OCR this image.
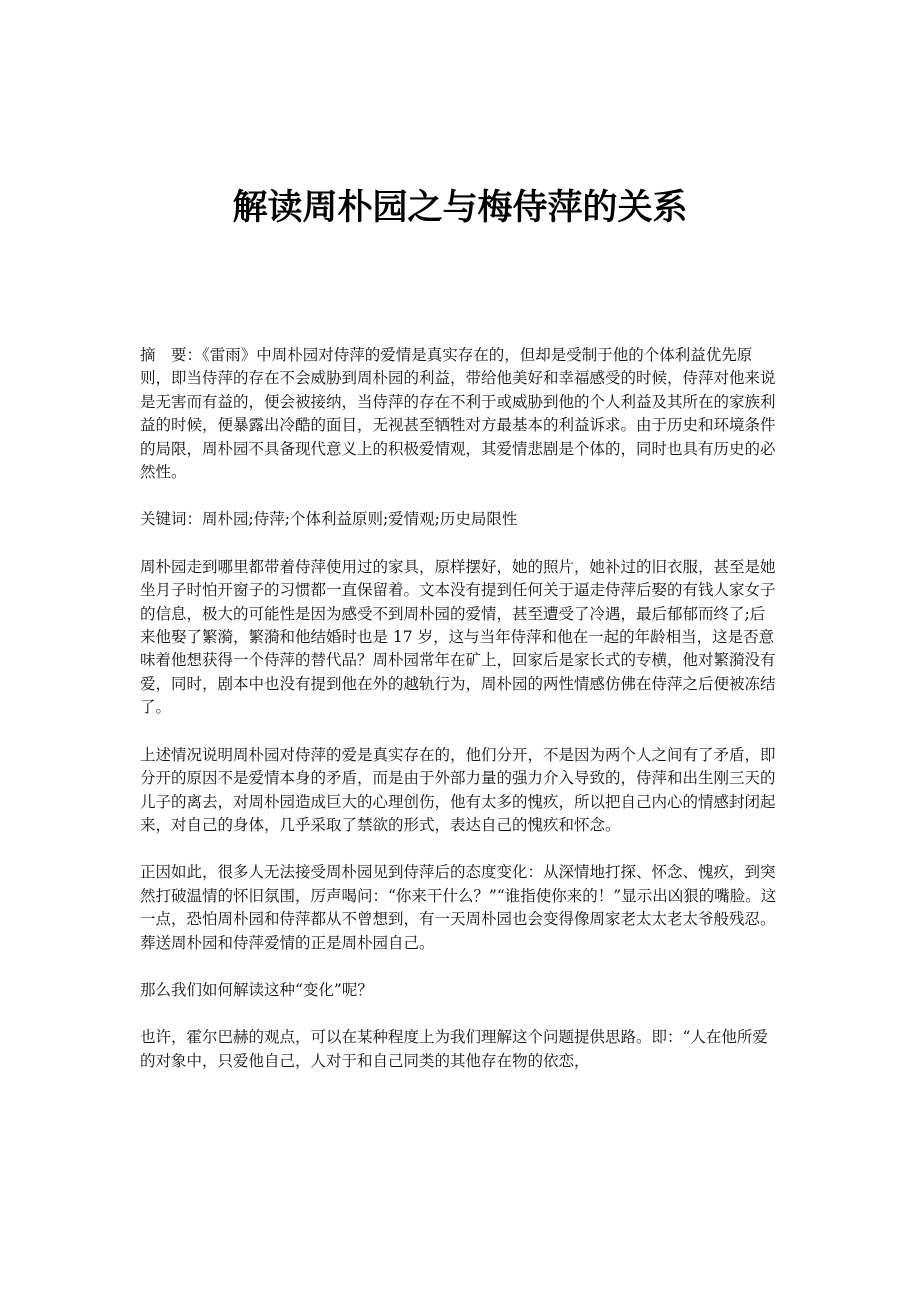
解读周朴园之与梅侍萍的关系

摘　要：《雷雨》中周朴园对侍萍的爱情是真实存在的，但却是受制于他的个体利益优先原则，即当侍萍的存在不会威胁到周朴园的利益，带给他美好和幸福感受的时候，侍萍对他来说是无害而有益的，便会被接纳，当侍萍的存在不利于或威胁到他的个人利益及其所在的家族利益的时候，便暴露出冷酷的面目，无视甚至牺牲对方最基本的利益诉求。由于历史和环境条件的局限，周朴园不具备现代意义上的积极爱情观，其爱情悲剧是个体的，同时也具有历史的必然性。

关键词：周朴园;侍萍;个体利益原则;爱情观;历史局限性

周朴园走到哪里都带着侍萍使用过的家具，原样摆好，她的照片，她补过的旧衣服，甚至是她坐月子时怕开窗子的习惯都一直保留着。文本没有提到任何关于逼走侍萍后娶的有钱人家女子的信息，极大的可能性是因为感受不到周朴园的爱情，甚至遭受了冷遇，最后郁郁而终了;后来他娶了繁漪，繁漪和他结婚时也是 17 岁，这与当年侍萍和他在一起的年龄相当，这是否意味着他想获得一个侍萍的替代品？周朴园常年在矿上，回家后是家长式的专横，他对繁漪没有爱，同时，剧本中也没有提到他在外的越轨行为，周朴园的两性情感仿佛在侍萍之后便被冻结了。

上述情况说明周朴园对侍萍的爱是真实存在的，他们分开，不是因为两个人之间有了矛盾，即分开的原因不是爱情本身的矛盾，而是由于外部力量的强力介入导致的，侍萍和出生刚三天的儿子的离去，对周朴园造成巨大的心理创伤，他有太多的愧疚，所以把自己内心的情感封闭起来，对自己的身体，几乎采取了禁欲的形式，表达自己的愧疚和怀念。

正因如此，很多人无法接受周朴园见到侍萍后的态度变化：从深情地打探、怀念、愧疚，到突然打破温情的怀旧氛围，厉声喝问：“你来干什么？”“谁指使你来的！”显示出凶狠的嘴脸。这一点，恐怕周朴园和侍萍都从不曾想到，有一天周朴园也会变得像周家老太太老太爷般残忍。葬送周朴园和侍萍爱情的正是周朴园自己。

那么我们如何解读这种“变化”呢？

也许，霍尔巴赫的观点，可以在某种程度上为我们理解这个问题提供思路。即：“人在他所爱的对象中，只爱他自己，人对于和自己同类的其他存在物的依恋，
